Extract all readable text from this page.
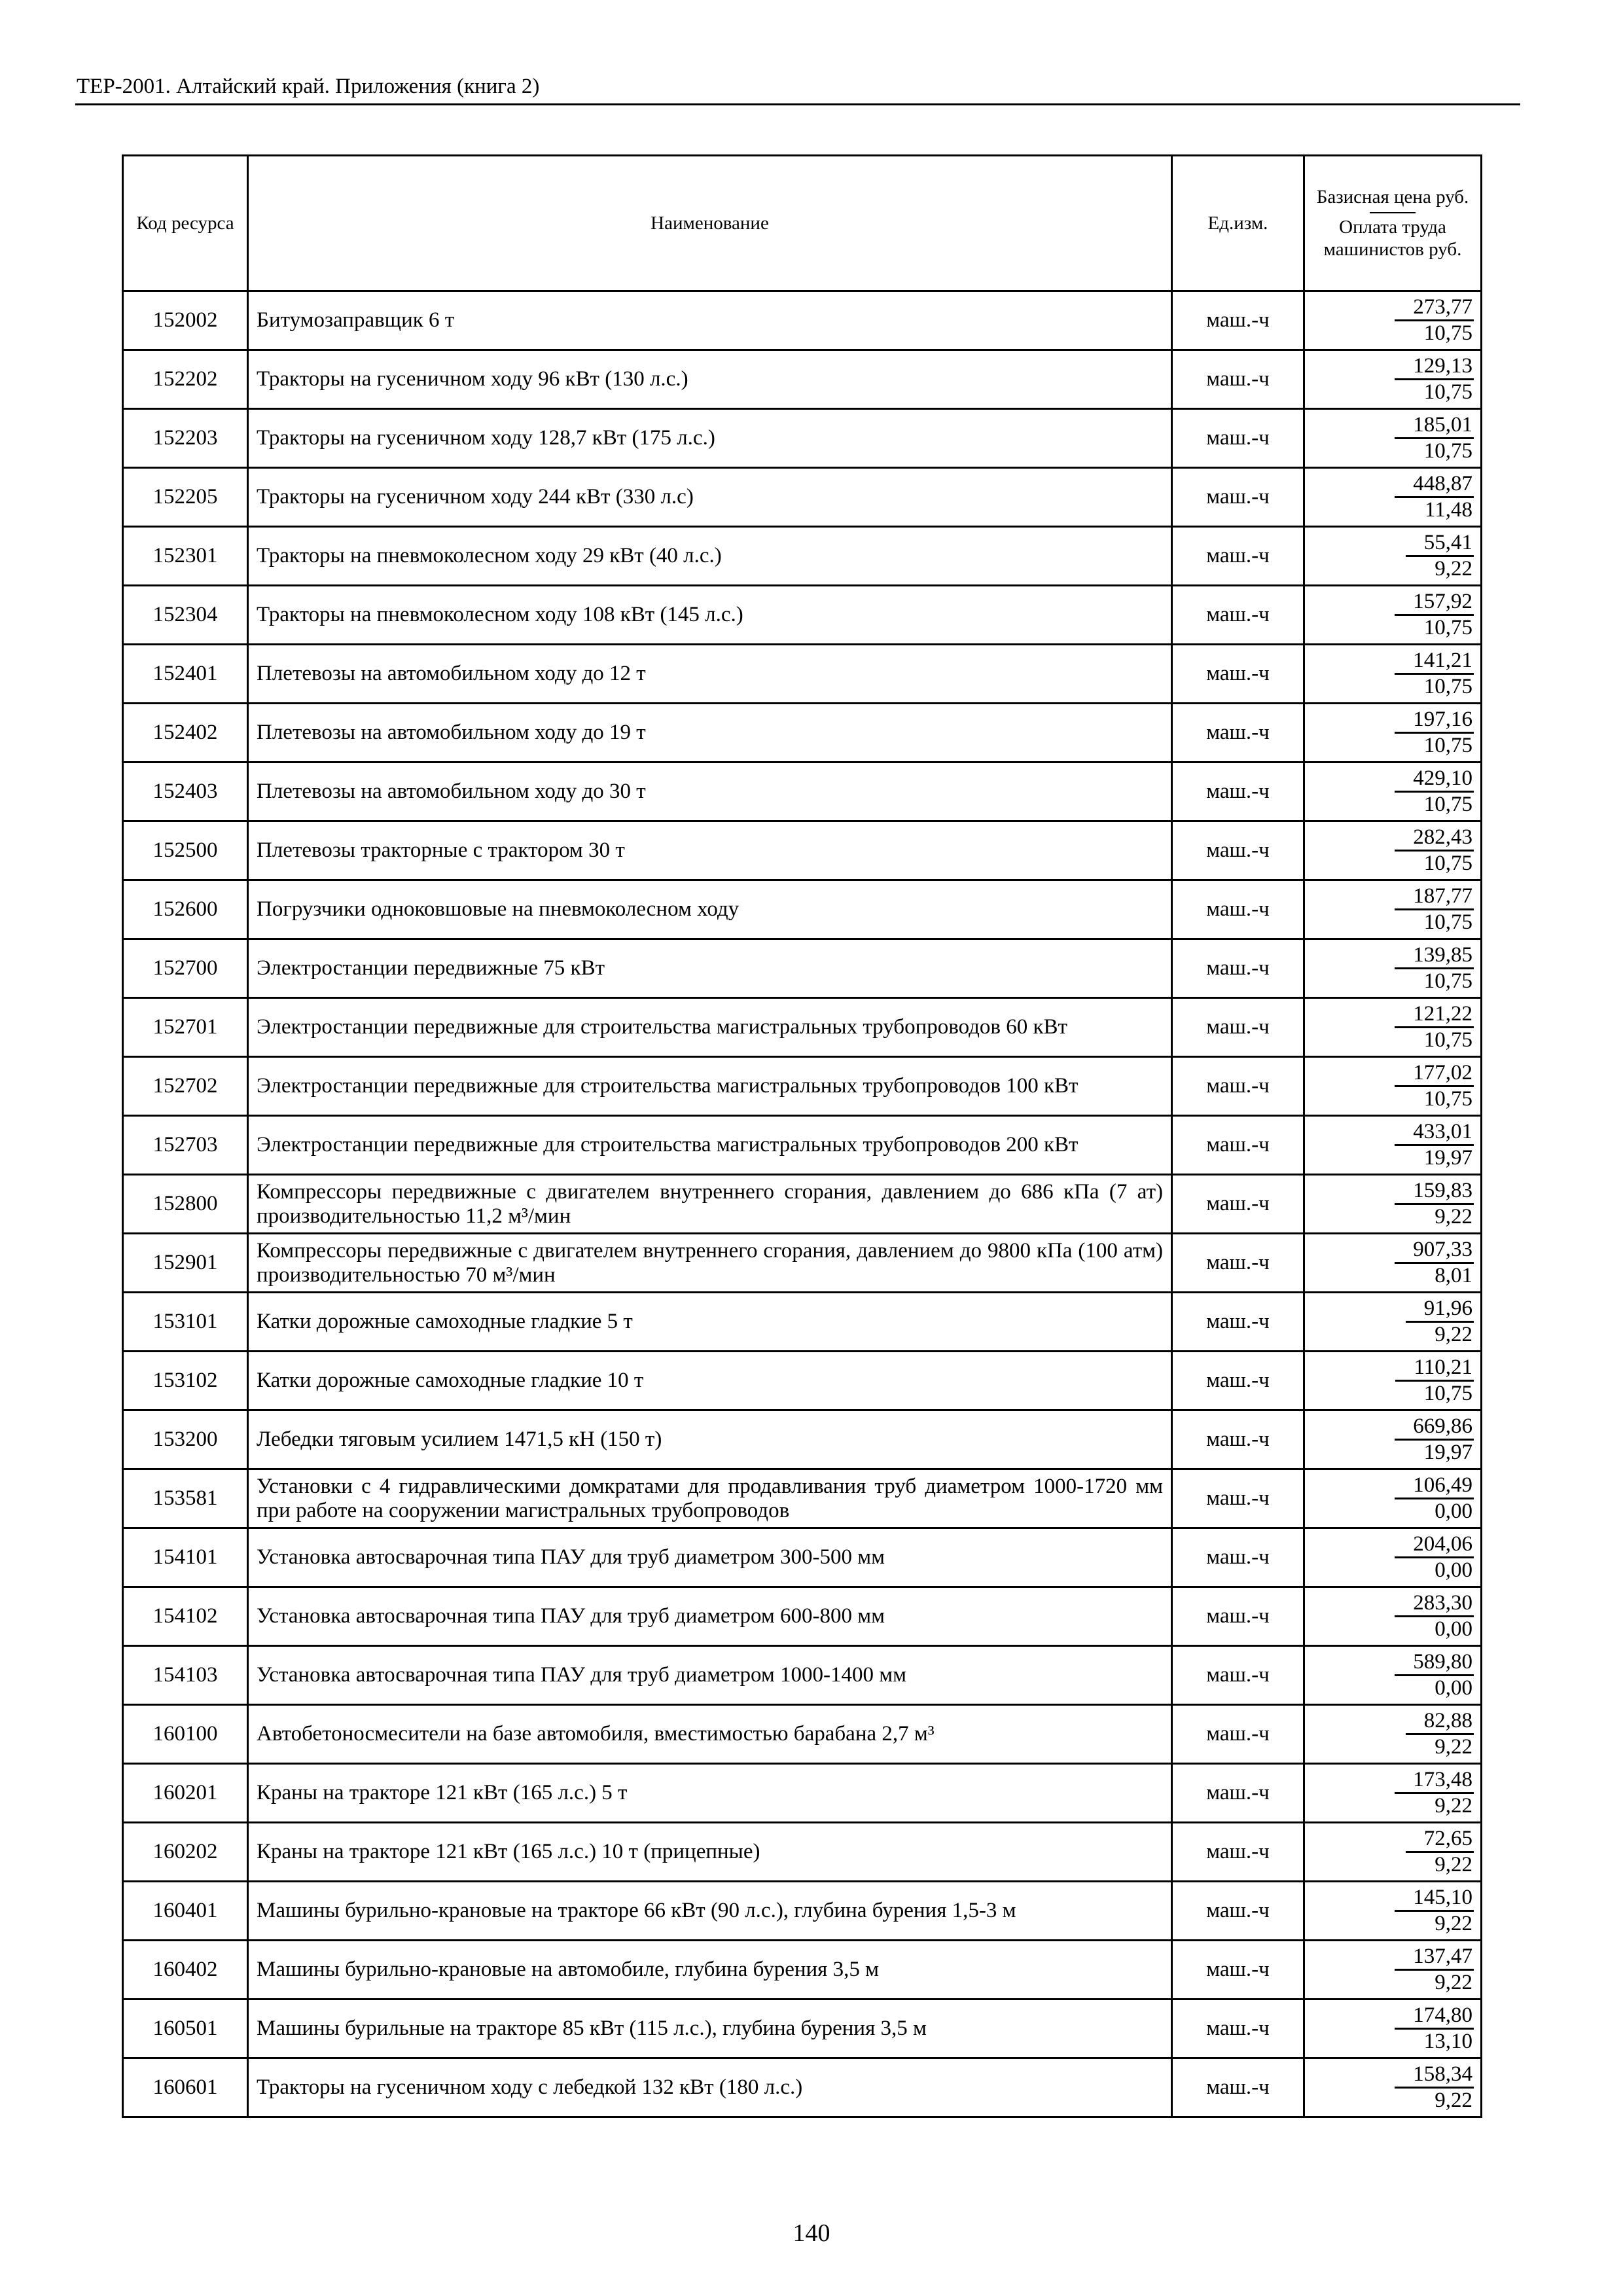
ТЕР-2001. Алтайский край. Приложения (книга 2)
Код ресурса	Наименование	Ед.изм.	Базисная цена руб.
Оплата труда машинистов руб.

152002	Битумозаправщик 6 т	маш.-ч	$\frac{273,77}{10,75}$

152202	Тракторы на гусеничном ходу 96 кВт (130 л.с.)	маш.-ч	$\frac{129,13}{10,75}$

152203	Тракторы на гусеничном ходу 128,7 кВт (175 л.с.)	маш.-ч	$\frac{185,01}{10,75}$

152205	Тракторы на гусеничном ходу 244 кВт (330 л.с)	маш.-ч	$\frac{448,87}{11,48}$

152301	Тракторы на пневмоколесном ходу 29 кВт (40 л.с.)	маш.-ч	$\frac{55,41}{9,22}$

152304	Тракторы на пневмоколесном ходу 108 кВт (145 л.с.)	маш.-ч	$\frac{157,92}{10,75}$

152401	Плетевозы на автомобильном ходу до 12 т	маш.-ч	$\frac{141,21}{10,75}$

152402	Плетевозы на автомобильном ходу до 19 т	маш.-ч	$\frac{197,16}{10,75}$

152403	Плетевозы на автомобильном ходу до 30 т	маш.-ч	$\frac{429,10}{10,75}$

152500	Плетевозы тракторные с трактором 30 т	маш.-ч	$\frac{282,43}{10,75}$

152600	Погрузчики одноковшовые на пневмоколесном ходу	маш.-ч	$\frac{187,77}{10,75}$

152700	Электростанции передвижные 75 кВт	маш.-ч	$\frac{139,85}{10,75}$

152701	Электростанции передвижные для строительства магистральных трубопроводов 60 кВт	маш.-ч	$\frac{121,22}{10,75}$

152702	Электростанции передвижные для строительства магистральных трубопроводов 100 кВт	маш.-ч	$\frac{177,02}{10,75}$

152703	Электростанции передвижные для строительства магистральных трубопроводов 200 кВт	маш.-ч	$\frac{433,01}{19,97}$

152800	Компрессоры передвижные с двигателем внутреннего сгорания, давлением до 686 кПа (7 ат) производительностью 11,2 м³/мин	маш.-ч	$\frac{159,83}{9,22}$

152901	Компрессоры передвижные с двигателем внутреннего сгорания, давлением до 9800 кПа (100 атм) производительностью 70 м³/мин	маш.-ч	$\frac{907,33}{8,01}$

153101	Катки дорожные самоходные гладкие 5 т	маш.-ч	$\frac{91,96}{9,22}$

153102	Катки дорожные самоходные гладкие 10 т	маш.-ч	$\frac{110,21}{10,75}$

153200	Лебедки тяговым усилием 1471,5 кН (150 т)	маш.-ч	$\frac{669,86}{19,97}$

153581	Установки с 4 гидравлическими домкратами для продавливания труб диаметром 1000-1720 мм при работе на сооружении магистральных трубопроводов	маш.-ч	$\frac{106,49}{0,00}$

154101	Установка автосварочная типа ПАУ для труб диаметром 300-500 мм	маш.-ч	$\frac{204,06}{0,00}$

154102	Установка автосварочная типа ПАУ для труб диаметром 600-800 мм	маш.-ч	$\frac{283,30}{0,00}$

154103	Установка автосварочная типа ПАУ для труб диаметром 1000-1400 мм	маш.-ч	$\frac{589,80}{0,00}$

160100	Автобетоносмесители на базе автомобиля, вместимостью барабана 2,7 м³	маш.-ч	$\frac{82,88}{9,22}$

160201	Краны на тракторе 121 кВт (165 л.с.) 5 т	маш.-ч	$\frac{173,48}{9,22}$

160202	Краны на тракторе 121 кВт (165 л.с.) 10 т (прицепные)	маш.-ч	$\frac{72,65}{9,22}$

160401	Машины бурильно-крановые на тракторе 66 кВт (90 л.с.), глубина бурения 1,5-3 м	маш.-ч	$\frac{145,10}{9,22}$

160402	Машины бурильно-крановые на автомобиле, глубина бурения 3,5 м	маш.-ч	$\frac{137,47}{9,22}$

160501	Машины бурильные на тракторе 85 кВт (115 л.с.), глубина бурения 3,5 м	маш.-ч	$\frac{174,80}{13,10}$

160601	Тракторы на гусеничном ходу с лебедкой 132 кВт (180 л.с.)	маш.-ч	$\frac{158,34}{9,22}$
140
